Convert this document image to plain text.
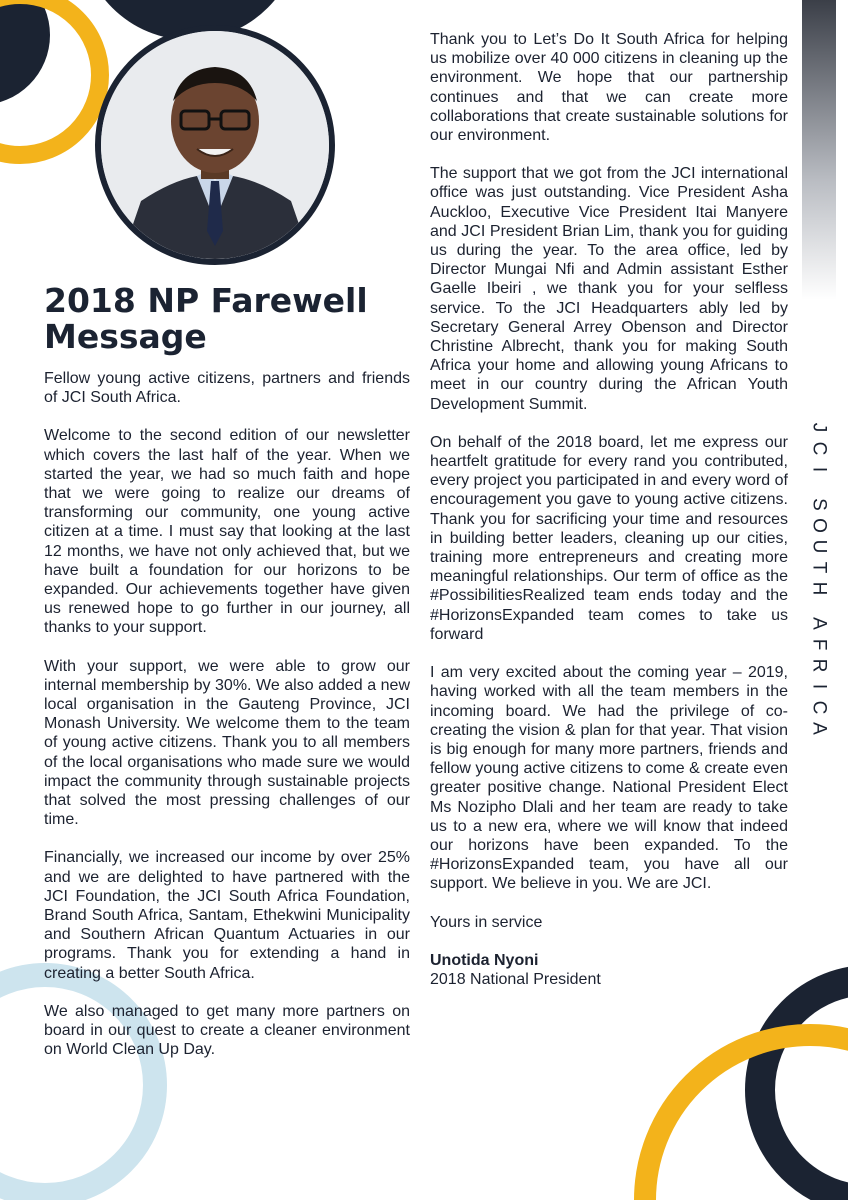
2018 NP Farewell
Message

Fellow young active citizens, partners and friends of JCI South Africa.

Welcome to the second edition of our newsletter which covers the last half of the year. When we started the year, we had so much faith and hope that we were going to realize our dreams of transforming our community, one young active citizen at a time. I must say that looking at the last 12 months, we have not only achieved that, but we have built a foundation for our horizons to be expanded. Our achievements together have given us renewed hope to go further in our journey, all thanks to your support.

With your support, we were able to grow our internal membership by 30%. We also added a new local organisation in the Gauteng Province, JCI Monash University. We welcome them to the team of young active citizens. Thank you to all members of the local organisations who made sure we would impact the community through sustainable projects that solved the most pressing challenges of our time.

Financially, we increased our income by over 25% and we are delighted to have partnered with the JCI Foundation, the JCI South Africa Foundation, Brand South Africa, Santam, Ethekwini Municipality and Southern African Quantum Actuaries in our programs. Thank you for extending a hand in creating a better South Africa.

We also managed to get many more partners on board in our quest to create a cleaner environment on World Clean Up Day.

Thank you to Let’s Do It South Africa for helping us mobilize over 40 000 citizens in cleaning up the environment. We hope that our partnership continues and that we can create more collaborations that create sustainable solutions for our environment.

The support that we got from the JCI international office was just outstanding. Vice President Asha Auckloo, Executive Vice President Itai Manyere and JCI President Brian Lim, thank you for guiding us during the year. To the area office, led by Director Mungai Nfi and Admin assistant Esther Gaelle Ibeiri , we thank you for your selfless service. To the JCI Headquarters ably led by Secretary General Arrey Obenson and Director Christine Albrecht, thank you for making South Africa your home and allowing young Africans to meet in our country during the African Youth Development Summit.

On behalf of the 2018 board, let me express our heartfelt gratitude for every rand you contributed, every project you participated in and every word of encouragement you gave to young active citizens. Thank you for sacrificing your time and resources in building better leaders, cleaning up our cities, training more entrepreneurs and creating more meaningful relationships. Our term of office as the #PossibilitiesRealized team ends today and the #HorizonsExpanded team comes to take us forward

I am very excited about the coming year – 2019, having worked with all the team members in the incoming board. We had the privilege of co-creating the vision & plan for that year. That vision is big enough for many more partners, friends and fellow young active citizens to come & create even greater positive change. National President Elect Ms Nozipho Dlali and her team are ready to take us to a new era, where we will know that indeed our horizons have been expanded. To the #HorizonsExpanded team, you have all our support. We believe in you. We are JCI.

Yours in service

Unotida Nyoni
2018 National President

J
C
I
S
O
U
T
H
A
F
R
I
C
A
